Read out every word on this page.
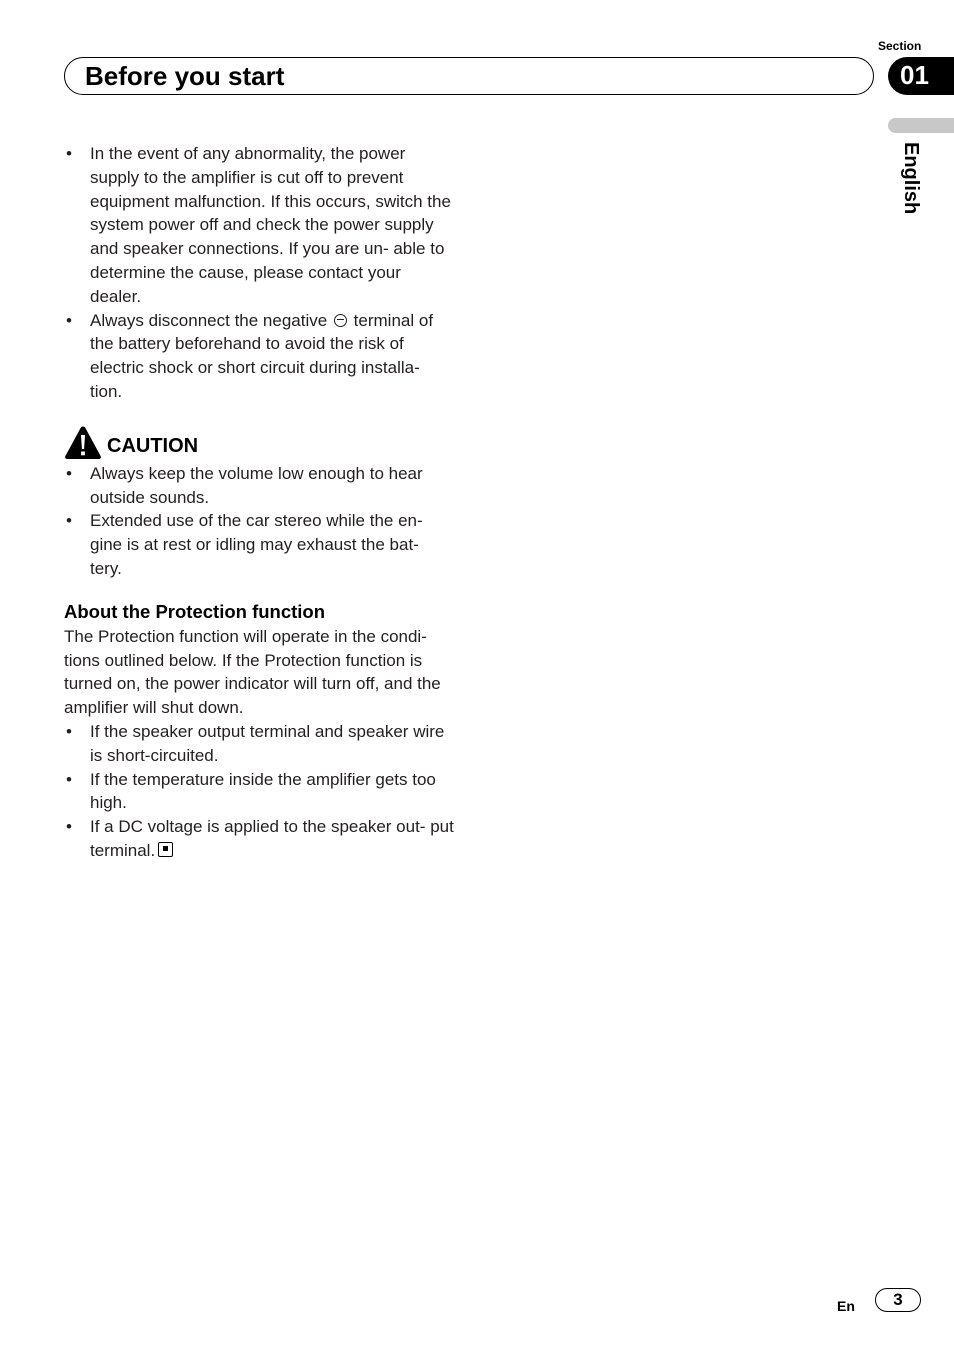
Section
Before you start	01
English
• In the event of any abnormality, the power supply to the amplifier is cut off to prevent equipment malfunction. If this occurs, switch the system power off and check the power supply and speaker connections. If you are un- able to determine the cause, please contact your dealer.
• Always disconnect the negative terminal of the battery beforehand to avoid the risk of electric shock or short circuit during installa- tion.
CAUTION
• Always keep the volume low enough to hear outside sounds.
• Extended use of the car stereo while the en- gine is at rest or idling may exhaust the bat- tery.
About the Protection function
The Protection function will operate in the condi- tions outlined below. If the Protection function is turned on, the power indicator will turn off, and the amplifier will shut down.
• If the speaker output terminal and speaker wire is short-circuited.
• If the temperature inside the amplifier gets too high.
• If a DC voltage is applied to the speaker out- put terminal.
En	3
